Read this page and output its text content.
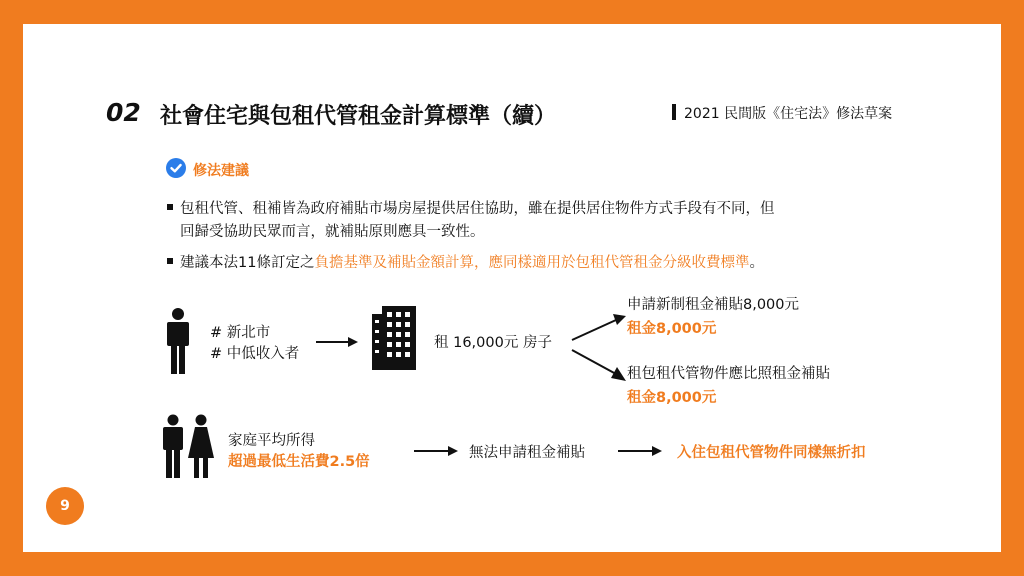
02 社會住宅與包租代管租金計算標準（續）	2021 民間版《住宅法》修法草案
修法建議
包租代管、租補皆為政府補貼市場房屋提供居住協助，雖在提供居住物件方式手段有不同，但
回歸受協助民眾而言，就補貼原則應具一致性。
建議本法11條訂定之負擔基準及補貼金額計算，應同樣適用於包租代管租金分級收費標準。
# 新北市
# 中低收入者
租 16,000元 房子
申請新制租金補貼8,000元
租金8,000元
租包租代管物件應比照租金補貼
租金8,000元
家庭平均所得
超過最低生活費2.5倍
無法申請租金補貼	入住包租代管物件同樣無折扣
9
